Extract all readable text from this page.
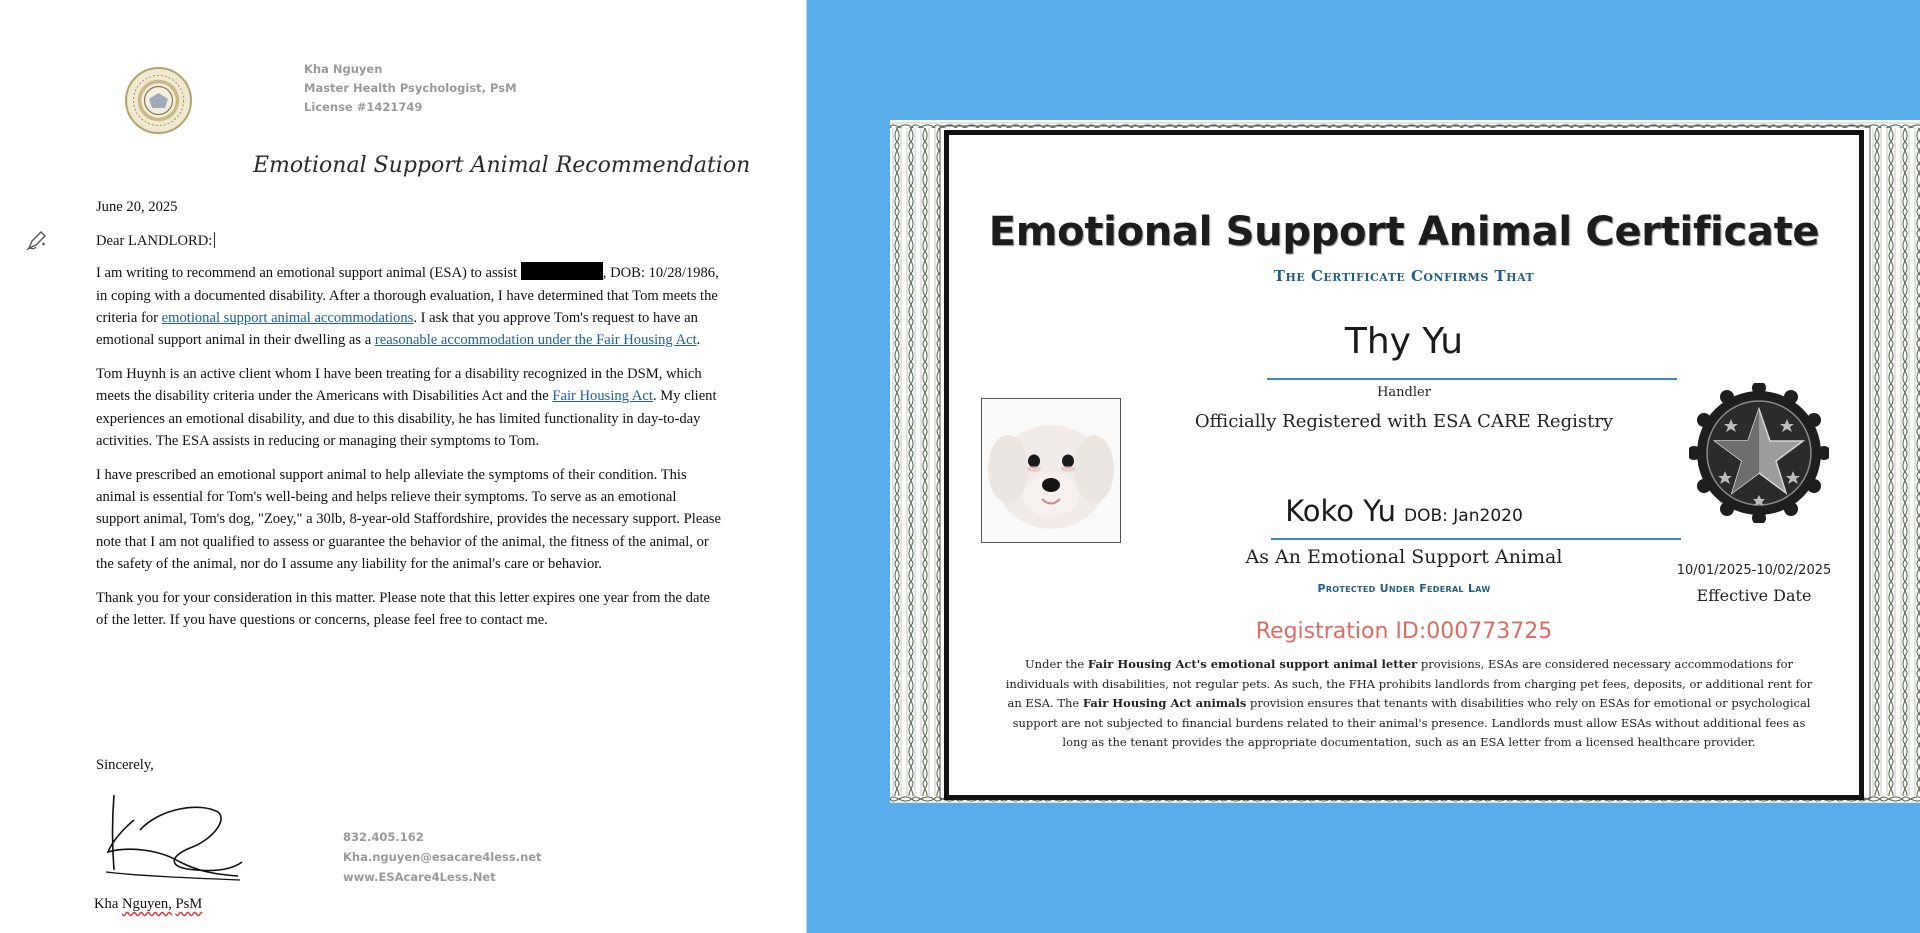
Kha Nguyen
Master Health Psychologist, PsM
License #1421749
Emotional Support Animal Recommendation

June 20, 2025

Dear LANDLORD:

I am writing to recommend an emotional support animal (ESA) to assist	, DOB: 10/28/1986, in coping with a documented disability. After a thorough evaluation, I have determined that Tom meets the criteria for emotional support animal accommodations. I ask that you approve Tom's request to have an emotional support animal in their dwelling as a reasonable accommodation under the Fair Housing Act.

Tom Huynh is an active client whom I have been treating for a disability recognized in the DSM, which meets the disability criteria under the Americans with Disabilities Act and the Fair Housing Act. My client experiences an emotional disability, and due to this disability, he has limited functionality in day-to-day activities. The ESA assists in reducing or managing their symptoms to Tom.

I have prescribed an emotional support animal to help alleviate the symptoms of their condition. This animal is essential for Tom's well-being and helps relieve their symptoms. To serve as an emotional support animal, Tom's dog, "Zoey," a 30lb, 8-year-old Staffordshire, provides the necessary support. Please note that I am not qualified to assess or guarantee the behavior of the animal, the fitness of the animal, or the safety of the animal, nor do I assume any liability for the animal's care or behavior.

Thank you for your consideration in this matter. Please note that this letter expires one year from the date of the letter. If you have questions or concerns, please feel free to contact me.

Sincerely,
832.405.162
Kha.nguyen@esacare4less.net
www.ESAcare4Less.Net
Kha Nguyen, PsM
Emotional Support Animal Certificate
The Certificate Confirms That
Thy Yu
Handler
Officially Registered with ESA CARE Registry
Koko Yu DOB: Jan2020
As An Emotional Support Animal
Protected Under Federal Law
10/01/2025-10/02/2025
Effective Date
Registration ID:000773725
Under the Fair Housing Act's emotional support animal letter provisions, ESAs are considered necessary accommodations for individuals with disabilities, not regular pets. As such, the FHA prohibits landlords from charging pet fees, deposits, or additional rent for an ESA. The Fair Housing Act animals provision ensures that tenants with disabilities who rely on ESAs for emotional or psychological support are not subjected to financial burdens related to their animal's presence. Landlords must allow ESAs without additional fees as long as the tenant provides the appropriate documentation, such as an ESA letter from a licensed healthcare provider.
